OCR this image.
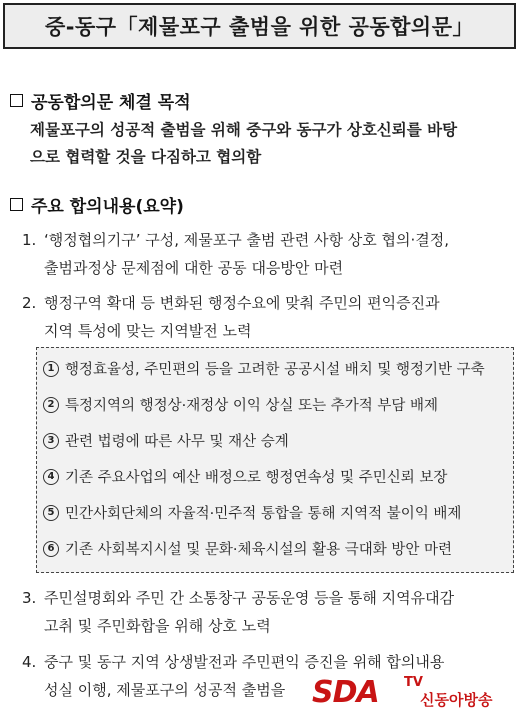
중-동구「제물포구 출범을 위한 공동합의문」
공동합의문 체결 목적
제물포구의 성공적 출범을 위해 중구와 동구가 상호신뢰를 바탕
으로 협력할 것을 다짐하고 협의함
주요 합의내용(요약)
1. ‘행정협의기구’ 구성, 제물포구 출범 관련 사항 상호 협의·결정,
출범과정상 문제점에 대한 공동 대응방안 마련
2. 행정구역 확대 등 변화된 행정수요에 맞춰 주민의 편익증진과
지역 특성에 맞는 지역발전 노력
1 행정효율성, 주민편의 등을 고려한 공공시설 배치 및 행정기반 구축
2 특정지역의 행정상·재정상 이익 상실 또는 추가적 부담 배제
3 관련 법령에 따른 사무 및 재산 승계
4 기존 주요사업의 예산 배정으로 행정연속성 및 주민신뢰 보장
5 민간사회단체의 자율적·민주적 통합을 통해 지역적 불이익 배제
6 기존 사회복지시설 및 문화·체육시설의 활용 극대화 방안 마련
3. 주민설명회와 주민 간 소통창구 공동운영 등을 통해 지역유대감
고취 및 주민화합을 위해 상호 노력
4. 중구 및 동구 지역 상생발전과 주민편익 증진을 위해 합의내용
성실 이행, 제물포구의 성공적 출범을 SDA TV
신동아방송
